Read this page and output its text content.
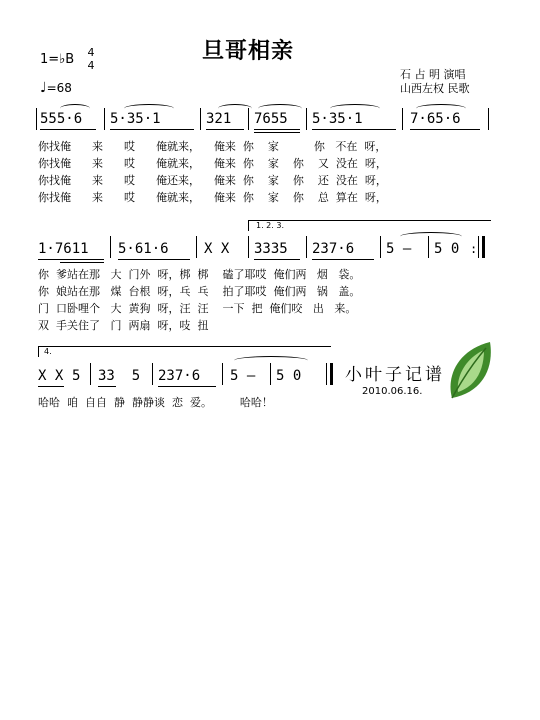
旦哥相亲
1=♭B 4
4
♩=68
石 占 明 演唱
山西左权 民歌
555·6 5·35·1	321 7655 5·35·1	7·65·6
你找俺      来      哎      俺就来，    俺来  你    家          你   不在  呀，
你找俺      来      哎      俺就来，    俺来  你    家    你    又  没在  呀，
你找俺      来      哎      俺还来，    俺来  你    家    你    还  没在  呀，
你找俺      来      哎      俺就来，    俺来  你    家    你    总  算在  呀，
1. 2. 3.
1·7611 5·61·6	X X 3335 237·6 5 – 5 0 :
你  爹站在那   大  门外  呀，梆  梆    磕了耶哎  俺们两   烟   袋。
你  娘站在那   煤  台根  呀，乓  乓    拍了耶哎  俺们两   锅   盖。
门  口卧哩个   大  黄狗  呀，汪  汪    一下  把  俺们咬   出   来。
双  手关住了   门  两扇  呀，吱  扭
4.
X X 5 33  5 237·6 5 – 5 0
哈哈  咱  自自  静  静静谈  恋  爱。        哈哈！
小叶子记谱
2010.06.16.
